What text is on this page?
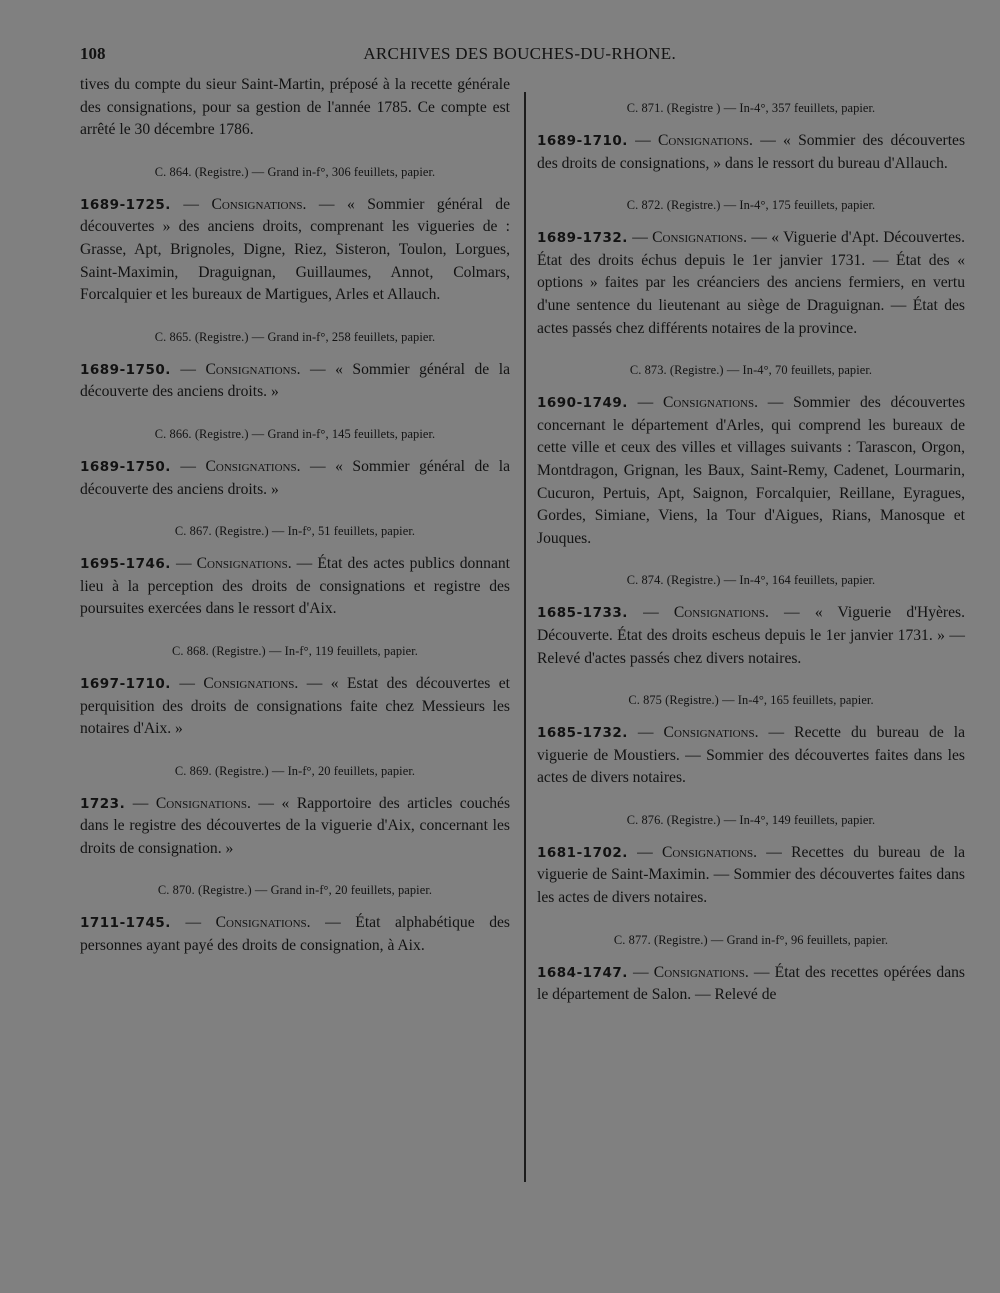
108	ARCHIVES DES BOUCHES-DU-RHONE.

tives du compte du sieur Saint-Martin, préposé à la recette générale des consignations, pour sa gestion de l'année 1785. Ce compte est arrêté le 30 décembre 1786.

C. 864. (Registre.) — Grand in-f°, 306 feuillets, papier.

1689-1725. — Consignations. — « Sommier général de découvertes » des anciens droits, comprenant les vigueries de : Grasse, Apt, Brignoles, Digne, Riez, Sisteron, Toulon, Lorgues, Saint-Maximin, Draguignan, Guillaumes, Annot, Colmars, Forcalquier et les bureaux de Martigues, Arles et Allauch.

C. 865. (Registre.) — Grand in-f°, 258 feuillets, papier.

1689-1750. — Consignations. — « Sommier général de la découverte des anciens droits. »

C. 866. (Registre.) — Grand in-f°, 145 feuillets, papier.

1689-1750. — Consignations. — « Sommier général de la découverte des anciens droits. »

C. 867. (Registre.) — In-f°, 51 feuillets, papier.

1695-1746. — Consignations. — État des actes publics donnant lieu à la perception des droits de consignations et registre des poursuites exercées dans le ressort d'Aix.

C. 868. (Registre.) — In-f°, 119 feuillets, papier.

1697-1710. — Consignations. — « Estat des découvertes et perquisition des droits de consignations faite chez Messieurs les notaires d'Aix. »

C. 869. (Registre.) — In-f°, 20 feuillets, papier.

1723. — Consignations. — « Rapportoire des articles couchés dans le registre des découvertes de la viguerie d'Aix, concernant les droits de consignation. »

C. 870. (Registre.) — Grand in-f°, 20 feuillets, papier.

1711-1745. — Consignations. — État alphabétique des personnes ayant payé des droits de consignation, à Aix.

C. 871. (Registre ) — In-4°, 357 feuillets, papier.

1689-1710. — Consignations. — « Sommier des découvertes des droits de consignations, » dans le ressort du bureau d'Allauch.

C. 872. (Registre.) — In-4°, 175 feuillets, papier.

1689-1732. — Consignations. — « Viguerie d'Apt. Découvertes. État des droits échus depuis le 1er janvier 1731. — État des « options » faites par les créanciers des anciens fermiers, en vertu d'une sentence du lieutenant au siège de Draguignan. — État des actes passés chez différents notaires de la province.

C. 873. (Registre.) — In-4°, 70 feuillets, papier.

1690-1749. — Consignations. — Sommier des découvertes concernant le département d'Arles, qui comprend les bureaux de cette ville et ceux des villes et villages suivants : Tarascon, Orgon, Montdragon, Grignan, les Baux, Saint-Remy, Cadenet, Lourmarin, Cucuron, Pertuis, Apt, Saignon, Forcalquier, Reillane, Eyragues, Gordes, Simiane, Viens, la Tour d'Aigues, Rians, Manosque et Jouques.

C. 874. (Registre.) — In-4°, 164 feuillets, papier.

1685-1733. — Consignations. — « Viguerie d'Hyères. Découverte. État des droits escheus depuis le 1er janvier 1731. » — Relevé d'actes passés chez divers notaires.

C. 875 (Registre.) — In-4°, 165 feuillets, papier.

1685-1732. — Consignations. — Recette du bureau de la viguerie de Moustiers. — Sommier des découvertes faites dans les actes de divers notaires.

C. 876. (Registre.) — In-4°, 149 feuillets, papier.

1681-1702. — Consignations. — Recettes du bureau de la viguerie de Saint-Maximin. — Sommier des découvertes faites dans les actes de divers notaires.

C. 877. (Registre.) — Grand in-f°, 96 feuillets, papier.

1684-1747. — Consignations. — État des recettes opérées dans le département de Salon. — Relevé de
